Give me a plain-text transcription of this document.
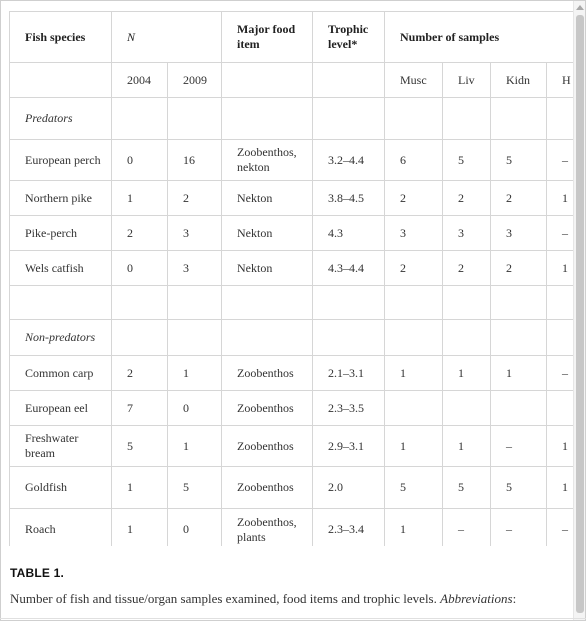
Fish species	N		Major food item	Trophic level*	Number of samples			
	2004	2009			Musc	Liv	Kidn	H
Predators								
European perch	0	16	Zoobenthos, nekton	3.2–4.4	6	5	5	–
Northern pike	1	2	Nekton	3.8–4.5	2	2	2	1
Pike-perch	2	3	Nekton	4.3	3	3	3	–
Wels catfish	0	3	Nekton	4.3–4.4	2	2	2	1

Non-predators								
Common carp	2	1	Zoobenthos	2.1–3.1	1	1	1	–
European eel	7	0	Zoobenthos	2.3–3.5				
Freshwater bream	5	1	Zoobenthos	2.9–3.1	1	1	–	1
Goldfish	1	5	Zoobenthos	2.0	5	5	5	1
Roach	1	0	Zoobenthos, plants	2.3–3.4	1	–	–	–
TABLE 1.
Number of fish and tissue/organ samples examined, food items and trophic levels. Abbreviations:
